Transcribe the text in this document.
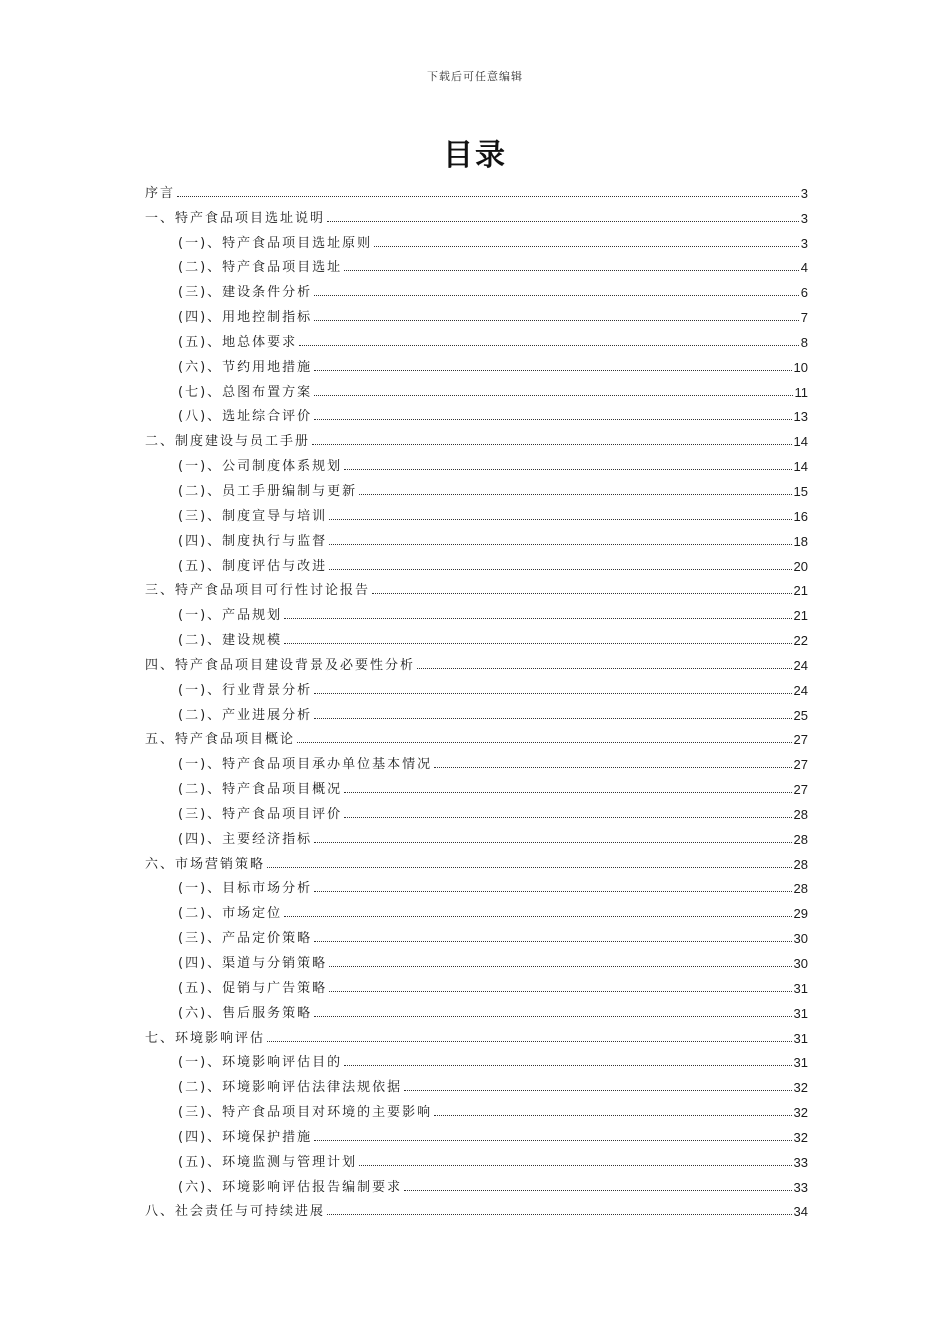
下载后可任意编辑
目录
序言	3
一、特产食品项目选址说明	3
(一)、特产食品项目选址原则	3
(二)、特产食品项目选址	4
(三)、建设条件分析	6
(四)、用地控制指标	7
(五)、地总体要求	8
(六)、节约用地措施	10
(七)、总图布置方案	11
(八)、选址综合评价	13
二、制度建设与员工手册	14
(一)、公司制度体系规划	14
(二)、员工手册编制与更新	15
(三)、制度宣导与培训	16
(四)、制度执行与监督	18
(五)、制度评估与改进	20
三、特产食品项目可行性讨论报告	21
(一)、产品规划	21
(二)、建设规模	22
四、特产食品项目建设背景及必要性分析	24
(一)、行业背景分析	24
(二)、产业进展分析	25
五、特产食品项目概论	27
(一)、特产食品项目承办单位基本情况	27
(二)、特产食品项目概况	27
(三)、特产食品项目评价	28
(四)、主要经济指标	28
六、市场营销策略	28
(一)、目标市场分析	28
(二)、市场定位	29
(三)、产品定价策略	30
(四)、渠道与分销策略	30
(五)、促销与广告策略	31
(六)、售后服务策略	31
七、环境影响评估	31
(一)、环境影响评估目的	31
(二)、环境影响评估法律法规依据	32
(三)、特产食品项目对环境的主要影响	32
(四)、环境保护措施	32
(五)、环境监测与管理计划	33
(六)、环境影响评估报告编制要求	33
八、社会责任与可持续进展	34
